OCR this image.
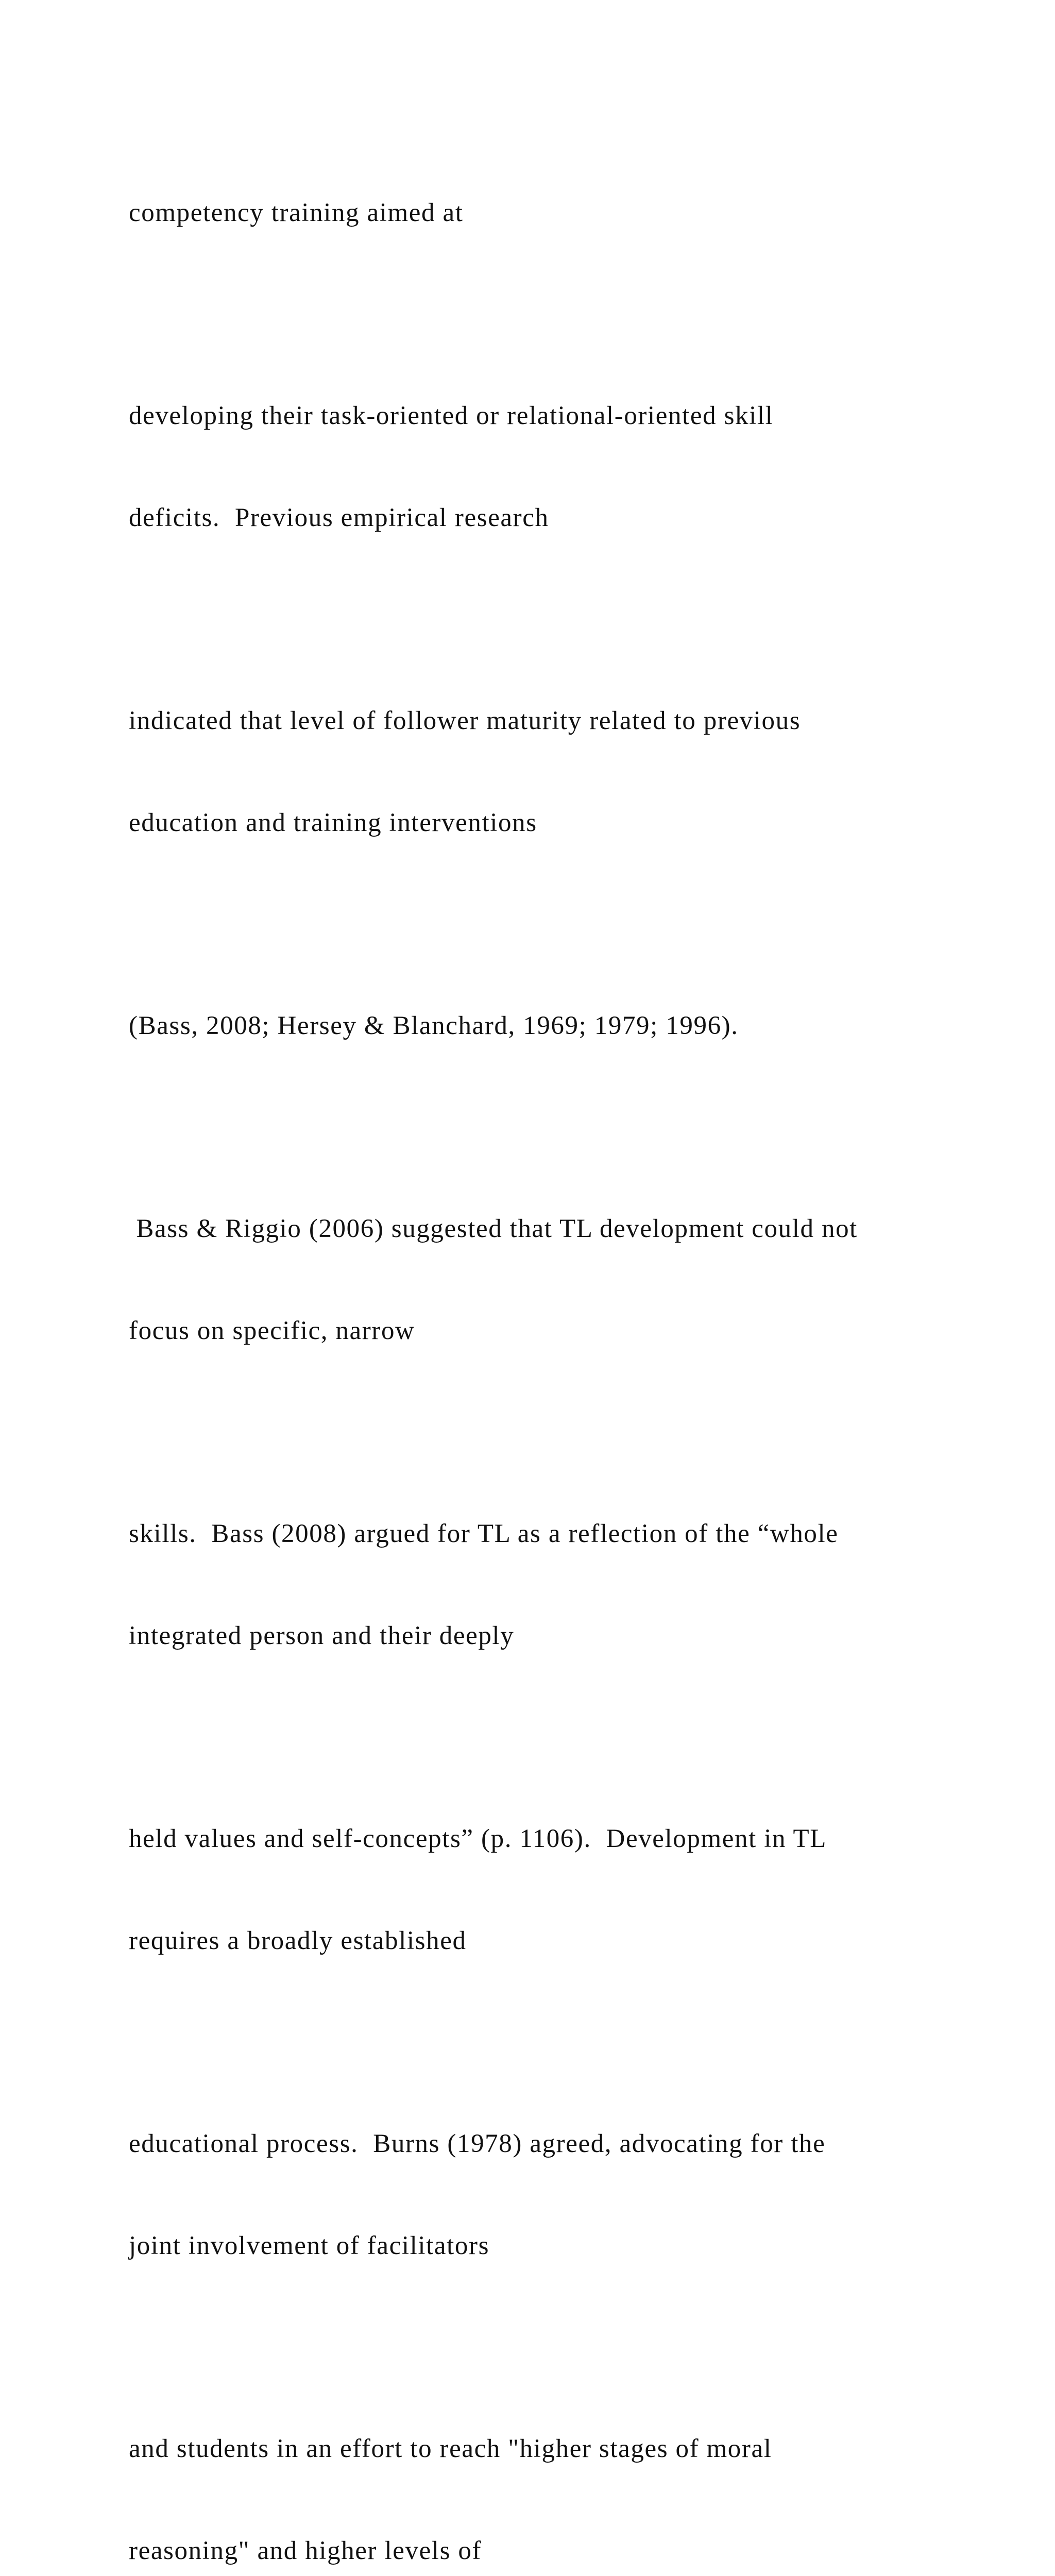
competency training aimed at

developing their task-oriented or relational-oriented skill

deficits.  Previous empirical research

indicated that level of follower maturity related to previous

education and training interventions

(Bass, 2008; Hersey & Blanchard, 1969; 1979; 1996).

Bass & Riggio (2006) suggested that TL development could not

focus on specific, narrow

skills.  Bass (2008) argued for TL as a reflection of the “whole

integrated person and their deeply

held values and self-concepts” (p. 1106).  Development in TL

requires a broadly established

educational process.  Burns (1978) agreed, advocating for the

joint involvement of facilitators

and students in an effort to reach "higher stages of moral

reasoning" and higher levels of
